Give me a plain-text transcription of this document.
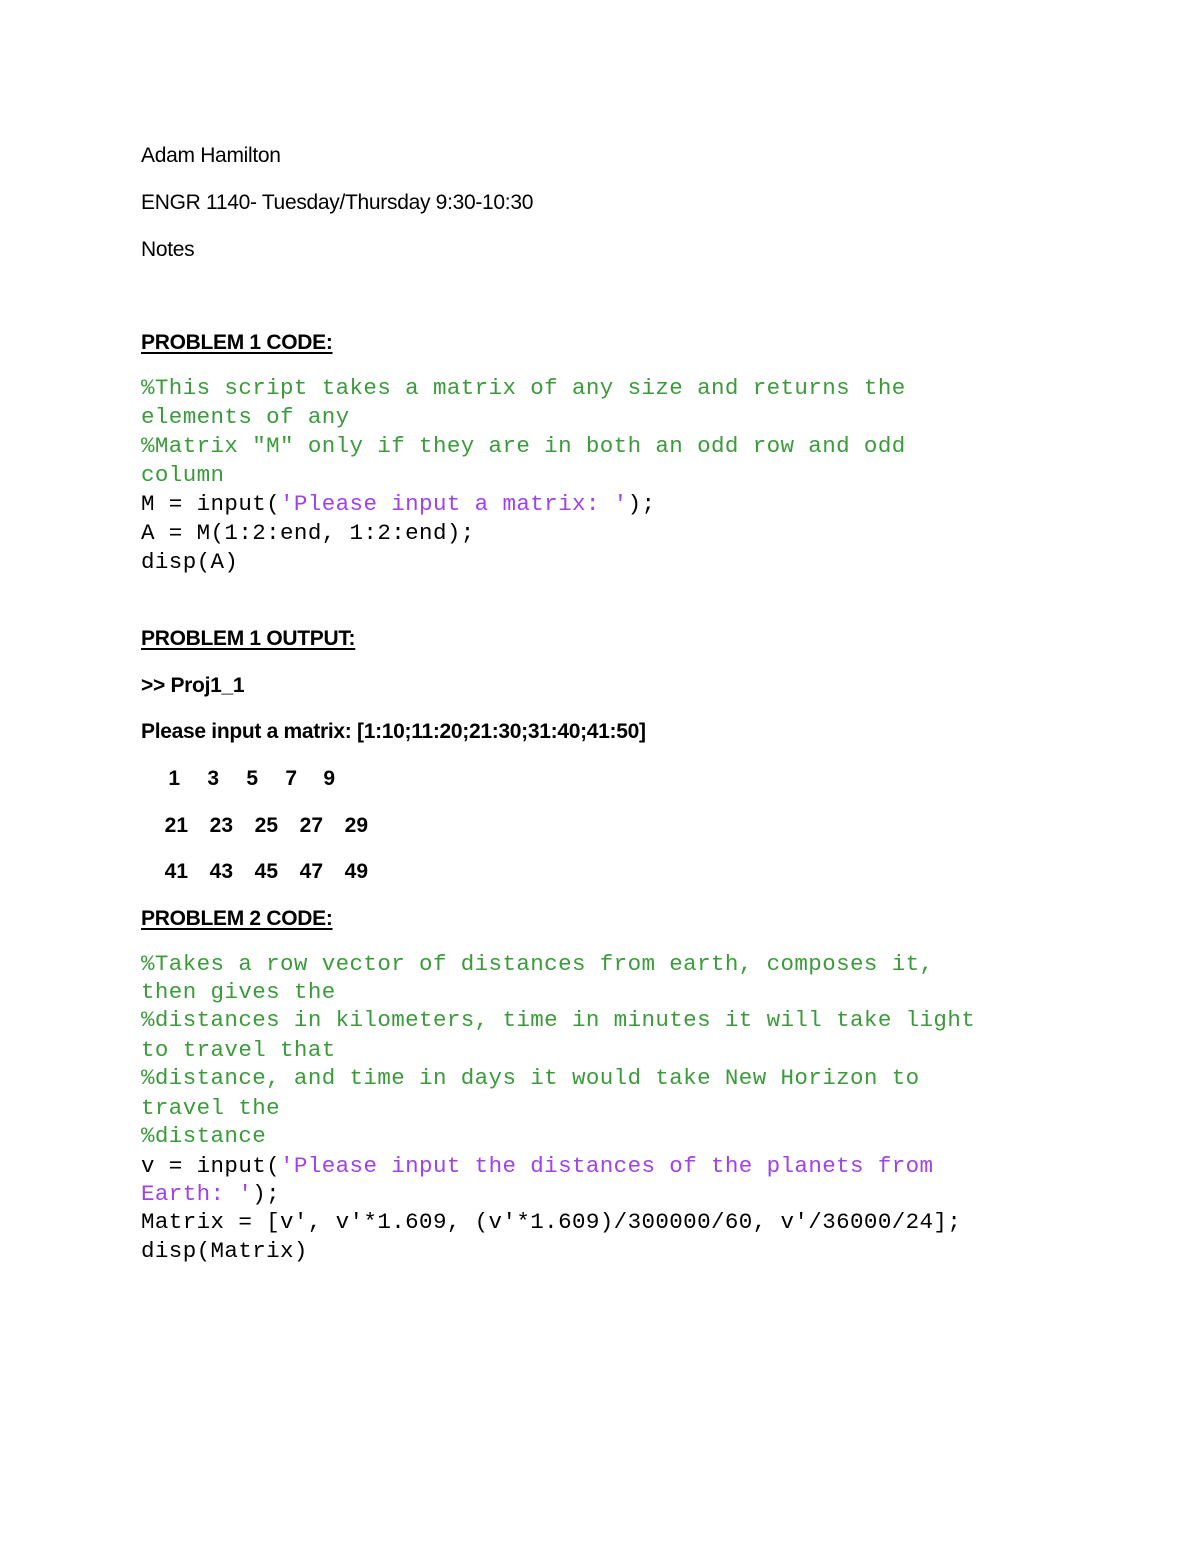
Adam Hamilton

ENGR 1140- Tuesday/Thursday 9:30-10:30

Notes

PROBLEM 1 CODE:

%This script takes a matrix of any size and returns the

elements of any

%Matrix "M" only if they are in both an odd row and odd

column

M = input('Please input a matrix: ');

A = M(1:2:end, 1:2:end);

disp(A)

PROBLEM 1 OUTPUT:

>> Proj1_1

Please input a matrix: [1:10;11:20;21:30;31:40;41:50]

1	3	5	7	9

21	23	25	27	29

41	43	45	47	49

PROBLEM 2 CODE:

%Takes a row vector of distances from earth, composes it,

then gives the

%distances in kilometers, time in minutes it will take light

to travel that

%distance, and time in days it would take New Horizon to

travel the

%distance

v = input('Please input the distances of the planets from

Earth: ');

Matrix = [v', v'*1.609, (v'*1.609)/300000/60, v'/36000/24];

disp(Matrix)
